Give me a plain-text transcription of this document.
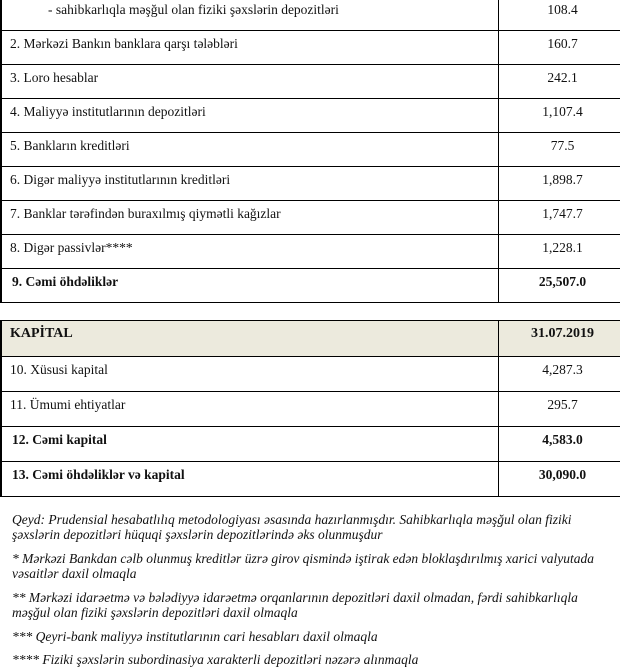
- sahibkarlıqla məşğul olan fiziki şəxslərin depozitləri	108.4
2. Mərkəzi Bankın banklara qarşı tələbləri	160.7
3. Loro hesablar	242.1
4. Maliyyə institutlarının depozitləri	1,107.4
5. Bankların kreditləri	77.5
6. Digər maliyyə institutlarının kreditləri	1,898.7
7. Banklar tərəfindən buraxılmış qiymətli kağızlar	1,747.7
8. Digər passivlər****	1,228.1
9. Cəmi öhdəliklər	25,507.0
KAPİTAL	31.07.2019
10. Xüsusi kapital	4,287.3
11. Ümumi ehtiyatlar	295.7
12. Cəmi kapital	4,583.0
13. Cəmi öhdəliklər və kapital	30,090.0

Qeyd: Prudensial hesabatlılıq metodologiyası əsasında hazırlanmışdır. Sahibkarlıqla məşğul olan fiziki şəxslərin depozitləri hüquqi şəxslərin depozitlərində əks olunmuşdur

* Mərkəzi Bankdan cəlb olunmuş kreditlər üzrə girov qismində iştirak edən bloklaşdırılmış xarici valyutada vəsaitlər daxil olmaqla

** Mərkəzi idarəetmə və bələdiyyə idarəetmə orqanlarının depozitləri daxil olmadan, fərdi sahibkarlıqla məşğul olan fiziki şəxslərin depozitləri daxil olmaqla

*** Qeyri-bank maliyyə institutlarının cari hesabları daxil olmaqla

**** Fiziki şəxslərin subordinasiya xarakterli depozitləri nəzərə alınmaqla
